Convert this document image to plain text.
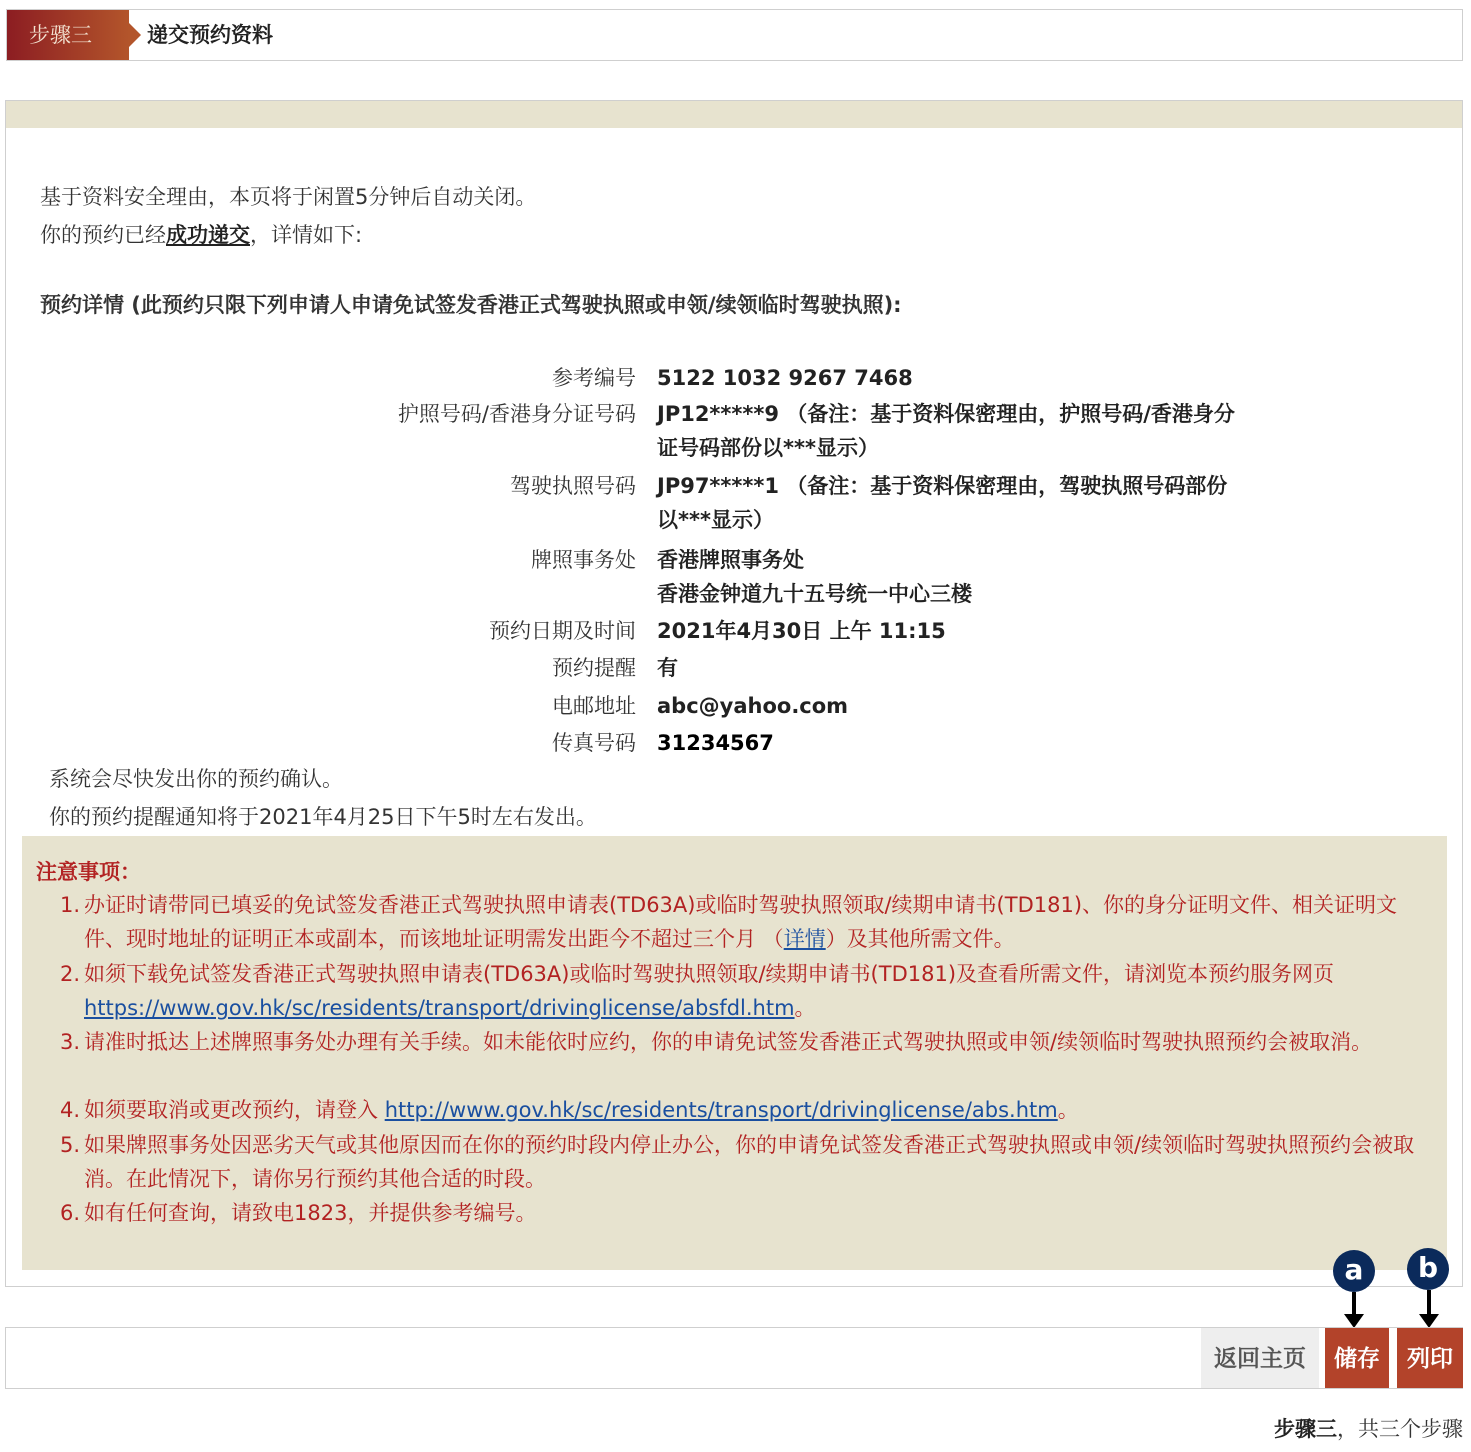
步骤三	递交预约资料
基于资料安全理由，本页将于闲置5分钟后自动关闭。
你的预约已经成功递交，详情如下:
预约详情 (此预约只限下列申请人申请免试签发香港正式驾驶执照或申领/续领临时驾驶执照):
参考编号 5122 1032 9267 7468
护照号码/香港身分证号码 JP12*****9 （备注：基于资料保密理由，护照号码/香港身分证号码部份以***显示）
驾驶执照号码 JP97*****1 （备注：基于资料保密理由，驾驶执照号码部份以***显示）
牌照事务处 香港牌照事务处
香港金钟道九十五号统一中心三楼
预约日期及时间 2021年4月30日 上午 11:15
预约提醒 有
电邮地址 abc@yahoo.com
传真号码 31234567
系统会尽快发出你的预约确认。
你的预约提醒通知将于2021年4月25日下午5时左右发出。
注意事项：
1. 办证时请带同已填妥的免试签发香港正式驾驶执照申请表(TD63A)或临时驾驶执照领取/续期申请书(TD181)、你的身分证明文件、相关证明文件、现时地址的证明正本或副本，而该地址证明需发出距今不超过三个月 （详情）及其他所需文件。
2. 如须下载免试签发香港正式驾驶执照申请表(TD63A)或临时驾驶执照领取/续期申请书(TD181)及查看所需文件，请浏览本预约服务网页 https://www.gov.hk/sc/residents/transport/drivinglicense/absfdl.htm。
3. 请准时抵达上述牌照事务处办理有关手续。如未能依时应约，你的申请免试签发香港正式驾驶执照或申领/续领临时驾驶执照预约会被取消。
4. 如须要取消或更改预约，请登入 http://www.gov.hk/sc/residents/transport/drivinglicense/abs.htm。
5. 如果牌照事务处因恶劣天气或其他原因而在你的预约时段内停止办公，你的申请免试签发香港正式驾驶执照或申领/续领临时驾驶执照预约会被取消。在此情况下，请你另行预约其他合适的时段。
6. 如有任何查询，请致电1823，并提供参考编号。
a	b
返回主页	储存	列印
步骤三，共三个步骤
